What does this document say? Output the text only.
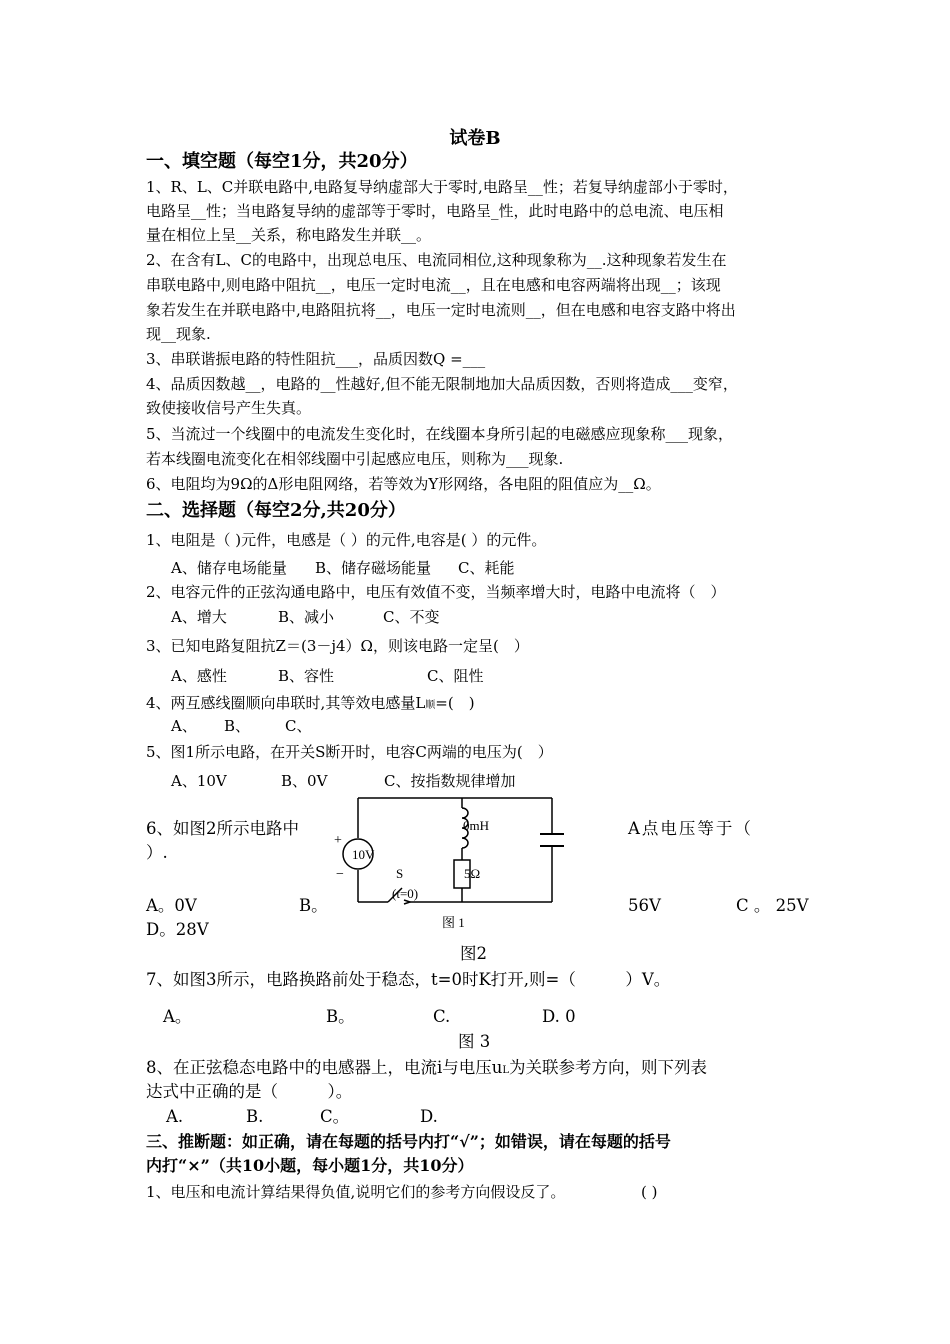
试卷B
一、填空题（每空1分，共20分）
1、R、L、C并联电路中,电路复导纳虚部大于零时,电路呈__性；若复导纳虚部小于零时，
电路呈__性；当电路复导纳的虚部等于零时，电路呈_性，此时电路中的总电流、电压相
量在相位上呈__关系，称电路发生并联__。
2、在含有L、C的电路中，出现总电压、电流同相位,这种现象称为__.这种现象若发生在
串联电路中,则电路中阻抗__，电压一定时电流__，且在电感和电容两端将出现__；该现
象若发生在并联电路中,电路阻抗将__，电压一定时电流则__，但在电感和电容支路中将出
现__现象.
3、串联谐振电路的特性阻抗___，品质因数Q =___
4、品质因数越__，电路的__性越好,但不能无限制地加大品质因数，否则将造成___变窄，
致使接收信号产生失真。
5、当流过一个线圈中的电流发生变化时，在线圈本身所引起的电磁感应现象称___现象，
若本线圈电流变化在相邻线圈中引起感应电压，则称为___现象.
6、电阻均为9Ω的Δ形电阻网络，若等效为Y形网络，各电阻的阻值应为__Ω。
二、选择题（每空2分,共20分）
1、电阻是（ )元件，电感是（ ）的元件,电容是( ）的元件。
A、储存电场能量 B、储存磁场能量 C、耗能
2、电容元件的正弦沟通电路中，电压有效值不变，当频率增大时，电路中电流将（　）
A、增大	B、减小	C、不变
3、已知电路复阻抗Z＝(3－j4）Ω，则该电路一定呈(　）
A、感性	B、容性	C、阻性
4、两互感线圈顺向串联时,其等效电感量L顺=(　)
A、 B、 C、
5、图1所示电路，在开关S断开时，电容C两端的电压为(　）
A、10V	B、0V	C、按指数规律增加
6、如图2所示电路中	A点电压等于（
）.
+
−
10V
0mH
S
(t=0)
5Ω
图 1
A。0V	B。	56V	C 。 25V
D。28V
图2
7、如图3所示，电路换路前处于稳态，t=0时K打开,则=（　　　）V。
A。	B。	C.	D. 0
图 3
8、在正弦稳态电路中的电感器上，电流i与电压uL为关联参考方向，则下列表
达式中正确的是（　　　）。
A.	B.	C。	D.
三、推断题：如正确，请在每题的括号内打“√”；如错误，请在每题的括号
内打“×”（共10小题，每小题1分，共10分）
1、电压和电流计算结果得负值,说明它们的参考方向假设反了。	( )
